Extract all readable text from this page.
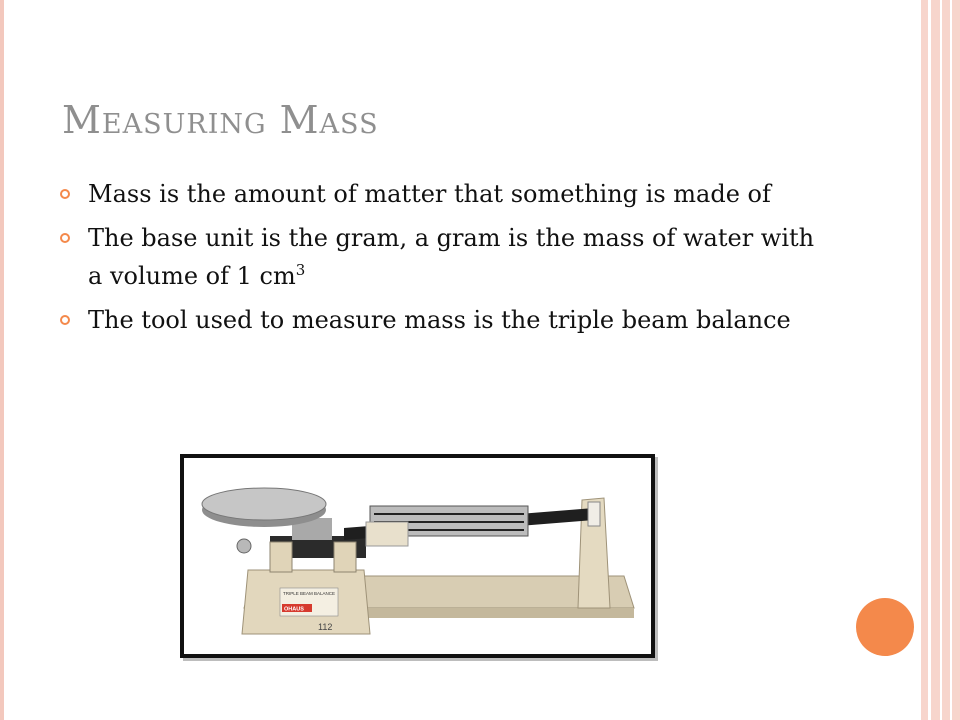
Measuring Mass
Mass is the amount of matter that something is made of
The base unit is the gram, a gram is the mass of water with a volume of 1 $cm^3$
The tool used to measure mass is the triple beam balance
TRIPLE BEAM BALANCE
OHAUS
112
